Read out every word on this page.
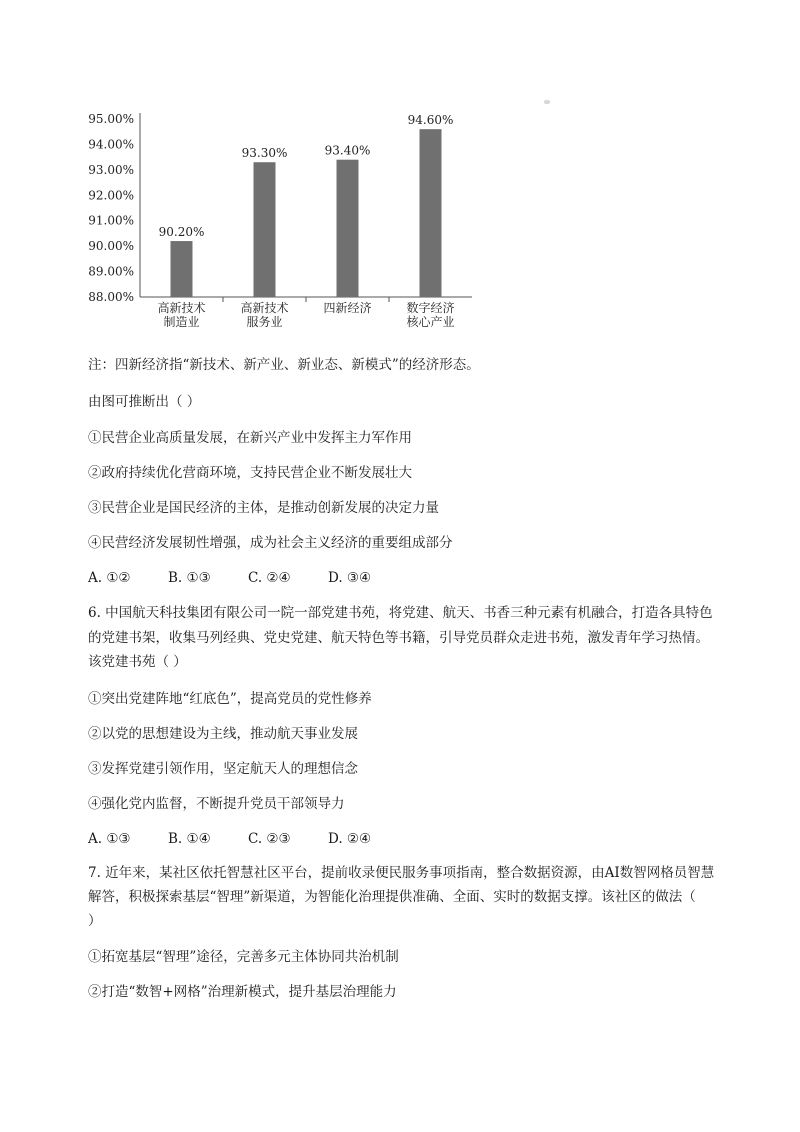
95.00%
94.00%
93.00%
92.00%
91.00%
90.00%
89.00%
88.00%
90.20%
高新技术
制造业
93.30%
高新技术
服务业
93.40%
四新经济
94.60%
数字经济
核心产业
注：四新经济指“新技术、新产业、新业态、新模式”的经济形态。
由图可推断出（ ）
①民营企业高质量发展，在新兴产业中发挥主力军作用
②政府持续优化营商环境，支持民营企业不断发展壮大
③民营企业是国民经济的主体，是推动创新发展的决定力量
④民营经济发展韧性增强，成为社会主义经济的重要组成部分
A. ①②	B. ①③	C. ②④	D. ③④
6. 中国航天科技集团有限公司一院一部党建书苑，将党建、航天、书香三种元素有机融合，打造各具特色
的党建书架，收集马列经典、党史党建、航天特色等书籍，引导党员群众走进书苑，激发青年学习热情。
该党建书苑（ ）
①突出党建阵地“红底色”，提高党员的党性修养
②以党的思想建设为主线，推动航天事业发展
③发挥党建引领作用，坚定航天人的理想信念
④强化党内监督，不断提升党员干部领导力
A. ①③	B. ①④	C. ②③	D. ②④
7. 近年来，某社区依托智慧社区平台，提前收录便民服务事项指南，整合数据资源，由AI数智网格员智慧
解答，积极探索基层“智理”新渠道，为智能化治理提供准确、全面、实时的数据支撑。该社区的做法（
）
①拓宽基层“智理”途径，完善多元主体协同共治机制
②打造“数智+网格”治理新模式，提升基层治理能力
